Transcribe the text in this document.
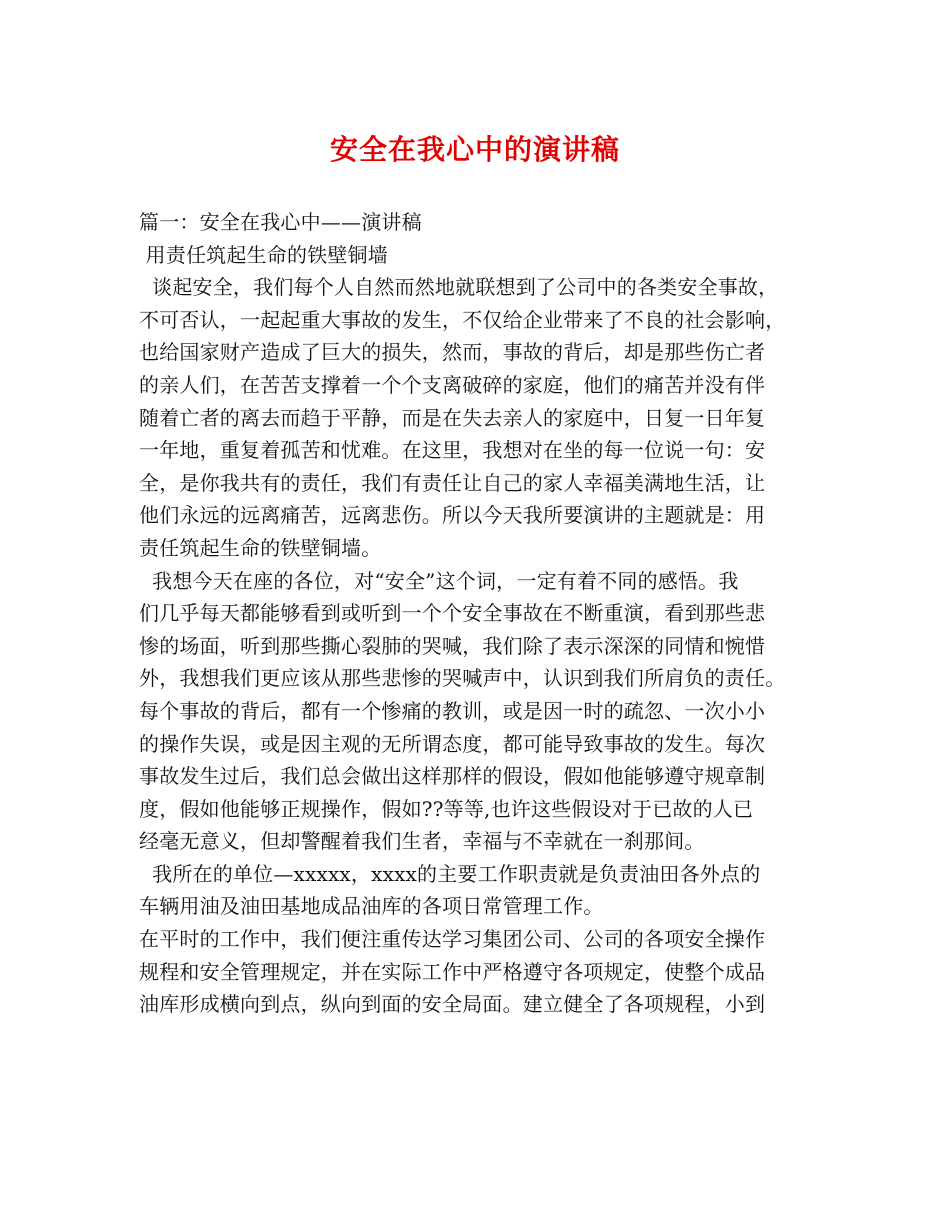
安全在我心中的演讲稿
篇一：安全在我心中——演讲稿
用责任筑起生命的铁壁铜墙
谈起安全，我们每个人自然而然地就联想到了公司中的各类安全事故，
不可否认，一起起重大事故的发生，不仅给企业带来了不良的社会影响，
也给国家财产造成了巨大的损失，然而，事故的背后，却是那些伤亡者
的亲人们，在苦苦支撑着一个个支离破碎的家庭，他们的痛苦并没有伴
随着亡者的离去而趋于平静，而是在失去亲人的家庭中，日复一日年复
一年地，重复着孤苦和忧难。在这里，我想对在坐的每一位说一句：安
全，是你我共有的责任，我们有责任让自己的家人幸福美满地生活，让
他们永远的远离痛苦，远离悲伤。所以今天我所要演讲的主题就是：用
责任筑起生命的铁壁铜墙。
我想今天在座的各位，对“安全”这个词，一定有着不同的感悟。我
们几乎每天都能够看到或听到一个个安全事故在不断重演，看到那些悲
惨的场面，听到那些撕心裂肺的哭喊，我们除了表示深深的同情和惋惜
外，我想我们更应该从那些悲惨的哭喊声中，认识到我们所肩负的责任。
每个事故的背后，都有一个惨痛的教训，或是因一时的疏忽、一次小小
的操作失误，或是因主观的无所谓态度，都可能导致事故的发生。每次
事故发生过后，我们总会做出这样那样的假设，假如他能够遵守规章制
度，假如他能够正规操作，假如??等等,也许这些假设对于已故的人已
经毫无意义，但却警醒着我们生者，幸福与不幸就在一刹那间。
我所在的单位—xxxxx，xxxx的主要工作职责就是负责油田各外点的
车辆用油及油田基地成品油库的各项日常管理工作。
在平时的工作中，我们便注重传达学习集团公司、公司的各项安全操作
规程和安全管理规定，并在实际工作中严格遵守各项规定，使整个成品
油库形成横向到点，纵向到面的安全局面。建立健全了各项规程，小到
